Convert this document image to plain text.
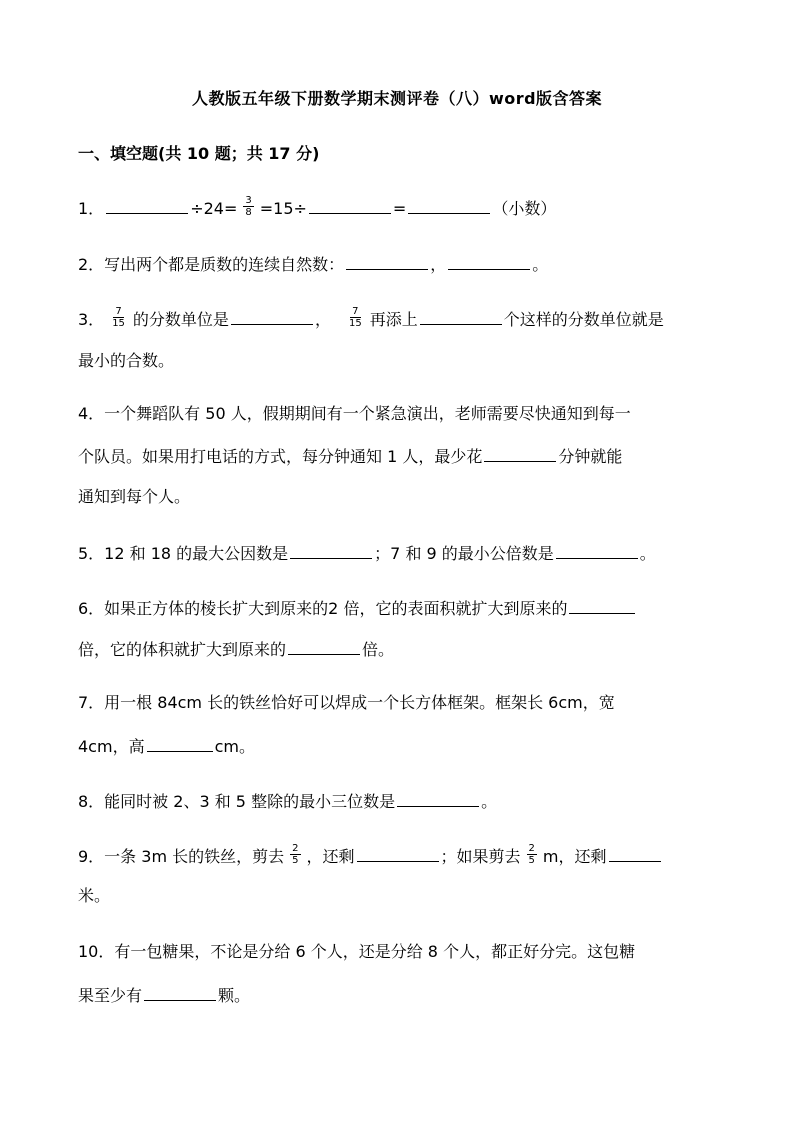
人教版五年级下册数学期末测评卷（八）word版含答案
一、填空题(共 10 题；共 17 分)
1．	$\div 24= \frac{3}{8} =15\div$	=	（小数）
2．写出两个都是质数的连续自然数：	，	。
3． $\frac{7}{15}$ 的分数单位是	， $\frac{7}{15}$ 再添上	个这样的分数单位就是
最小的合数。
4．一个舞蹈队有 50 人，假期期间有一个紧急演出，老师需要尽快通知到每一
个队员。如果用打电话的方式，每分钟通知 1 人，最少花	分钟就能
通知到每个人。
5．12 和 18 的最大公因数是	；7 和 9 的最小公倍数是	。
6．如果正方体的棱长扩大到原来的2 倍，它的表面积就扩大到原来的
倍，它的体积就扩大到原来的	倍。
7．用一根 84cm 长的铁丝恰好可以焊成一个长方体框架。框架长 6cm，宽
4cm，高	cm。
8．能同时被 2、3 和 5 整除的最小三位数是	。
9．一条 3m 长的铁丝，剪去 $\frac{2}{5}$ ，还剩	；如果剪去 $\frac{2}{5}$ m，还剩
米。
10．有一包糖果，不论是分给 6 个人，还是分给 8 个人，都正好分完。这包糖
果至少有	颗。
